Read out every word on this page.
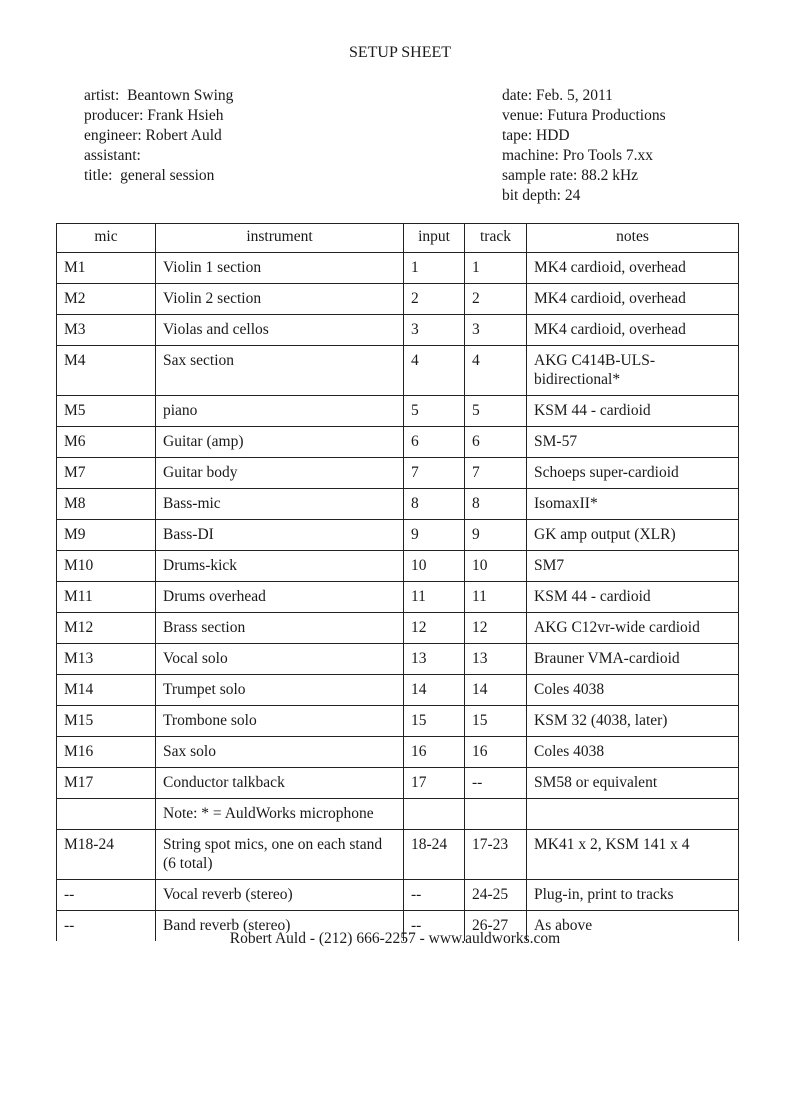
SETUP SHEET
artist: Beantown Swing
producer: Frank Hsieh
engineer: Robert Auld
assistant:
title: general session
date: Feb. 5, 2011
venue: Futura Productions
tape: HDD
machine: Pro Tools 7.xx
sample rate: 88.2 kHz
bit depth: 24
mic	instrument	input	track	notes
M1	Violin 1 section	1	1	MK4 cardioid, overhead
M2	Violin 2 section	2	2	MK4 cardioid, overhead
M3	Violas and cellos	3	3	MK4 cardioid, overhead
M4	Sax section	4	4	AKG C414B-ULS-bidirectional*
M5	piano	5	5	KSM 44 - cardioid
M6	Guitar (amp)	6	6	SM-57
M7	Guitar body	7	7	Schoeps super-cardioid
M8	Bass-mic	8	8	IsomaxII*
M9	Bass-DI	9	9	GK amp output (XLR)
M10	Drums-kick	10	10	SM7
M11	Drums overhead	11	11	KSM 44 - cardioid
M12	Brass section	12	12	AKG C12vr-wide cardioid
M13	Vocal solo	13	13	Brauner VMA-cardioid
M14	Trumpet solo	14	14	Coles 4038
M15	Trombone solo	15	15	KSM 32 (4038, later)
M16	Sax solo	16	16	Coles 4038
M17	Conductor talkback	17	--	SM58 or equivalent
	Note: * = AuldWorks microphone			
M18-24	String spot mics, one on each stand (6 total)	18-24	17-23	MK41 x 2, KSM 141 x 4
--	Vocal reverb (stereo)	--	24-25	Plug-in, print to tracks
--	Band reverb (stereo)	--	26-27	As above
Robert Auld - (212) 666-2257 - www.auldworks.com
